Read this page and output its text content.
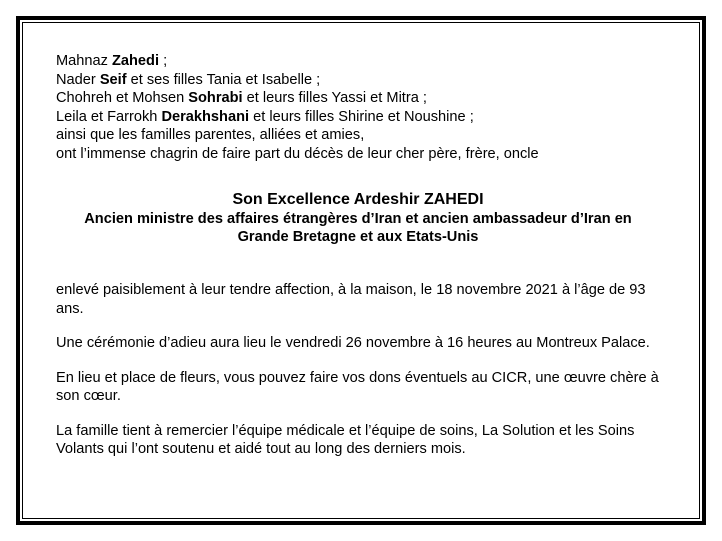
Mahnaz Zahedi ;

Nader Seif et ses filles Tania et Isabelle ;

Chohreh et Mohsen Sohrabi et leurs filles Yassi et Mitra ;

Leila et Farrokh Derakhshani et leurs filles Shirine et Noushine ;

ainsi que les familles parentes, alliées et amies,

ont l’immense chagrin de faire part du décès de leur cher père, frère, oncle

Son Excellence Ardeshir ZAHEDI
Ancien ministre des affaires étrangères d’Iran et ancien ambassadeur d’Iran en
Grande Bretagne et aux Etats-Unis

enlevé paisiblement à leur tendre affection, à la maison, le 18 novembre 2021 à l’âge de 93 ans.

Une cérémonie d’adieu aura lieu le vendredi 26 novembre à 16 heures au Montreux Palace.

En lieu et place de fleurs, vous pouvez faire vos dons éventuels au CICR, une œuvre chère à son cœur.

La famille tient à remercier l’équipe médicale et l’équipe de soins, La Solution et les Soins Volants qui l’ont soutenu et aidé tout au long des derniers mois.
